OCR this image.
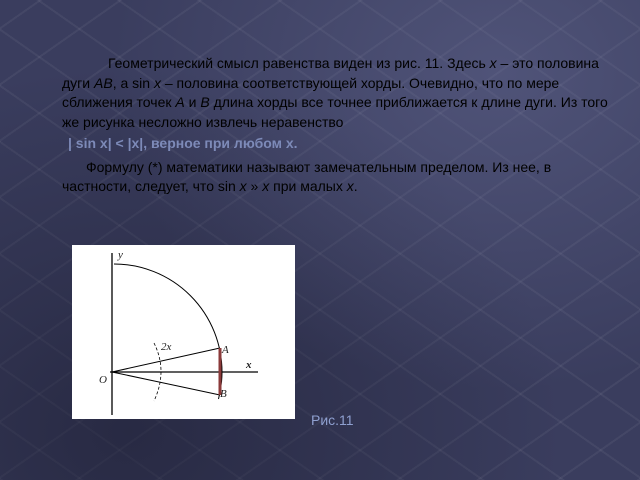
Геометрический смысл равенства виден из рис. 11. Здесь x – это половина дуги AB, а sin x – половина соответствующей хорды. Очевидно, что по мере сближения точек A и B длина хорды все точнее приближается к длине дуги. Из того же рисунка несложно извлечь неравенство

| sin x| < |x|, верное при любом x.

Формулу (*) математики называют замечательным пределом. Из нее, в частности, следует, что sin x » x при малых x.

y
x
O
2x	A
B
Рис.11
